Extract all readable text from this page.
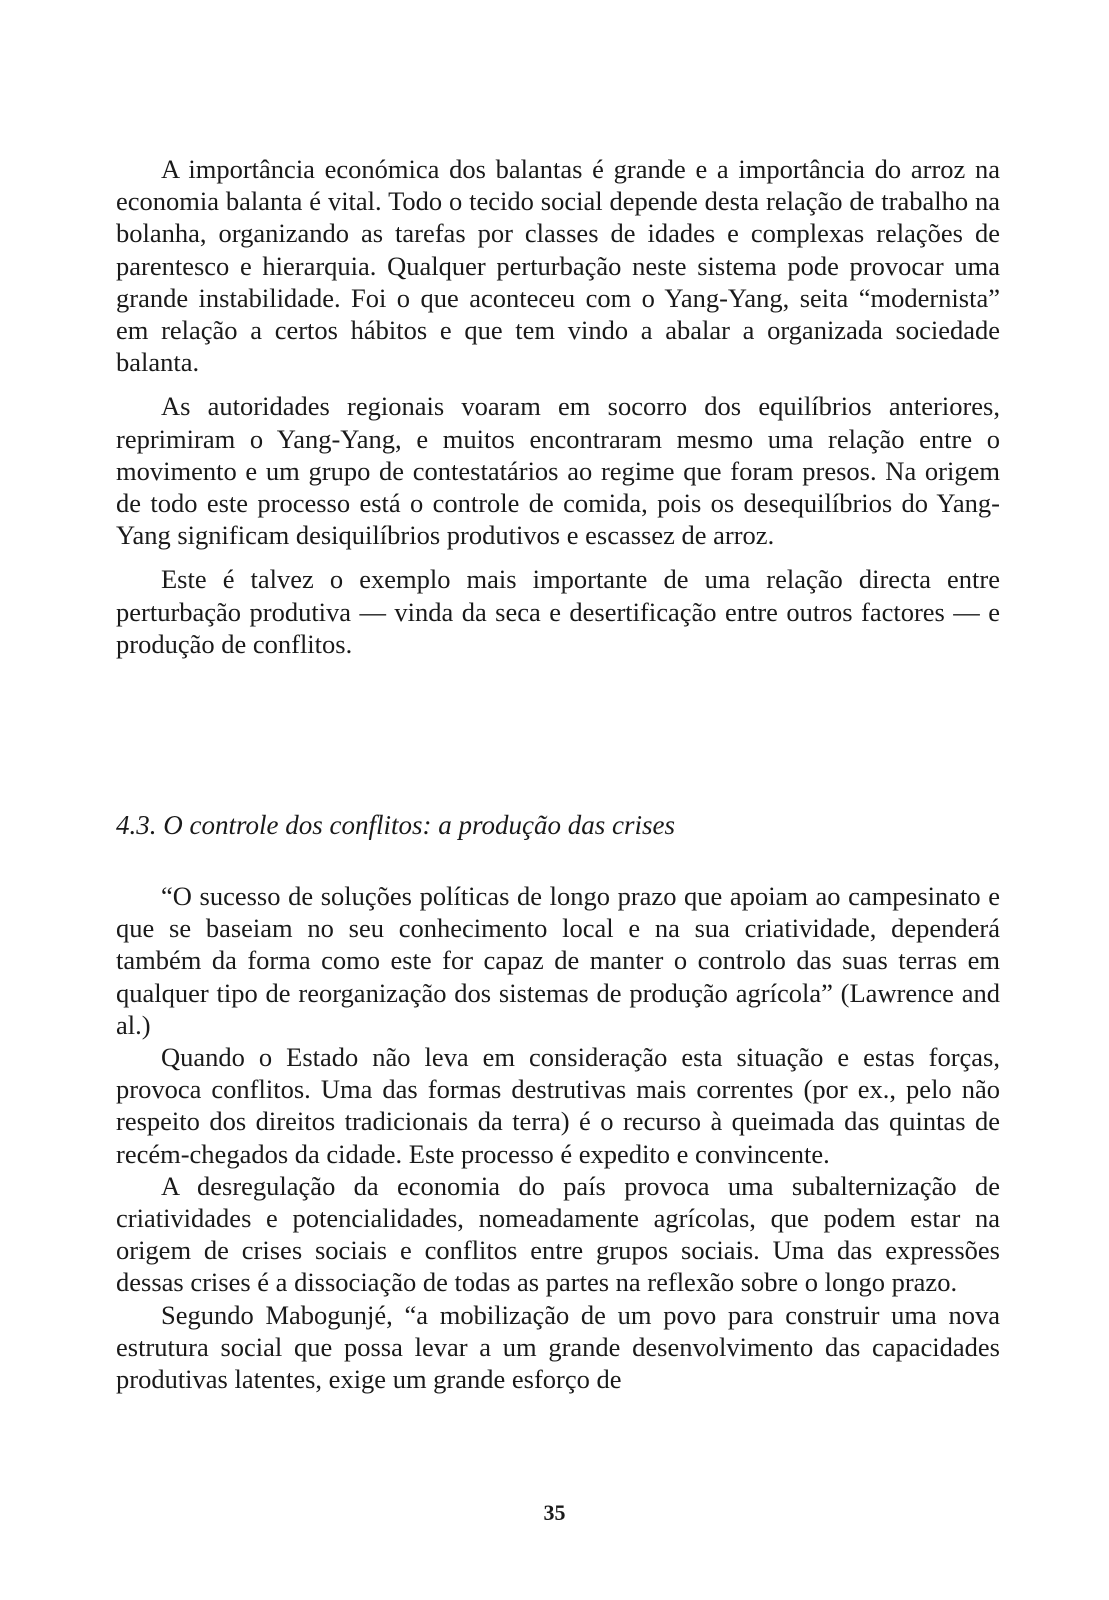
A importância económica dos balantas é grande e a importância do arroz na economia balanta é vital. Todo o tecido social depende desta relação de trabalho na bolanha, organizando as tarefas por classes de idades e complexas relações de parentesco e hierarquia. Qualquer perturbação neste sistema pode provocar uma grande instabilidade. Foi o que aconteceu com o Yang-Yang, seita “modernista” em relação a certos hábitos e que tem vindo a abalar a organizada sociedade balanta.

As autoridades regionais voaram em socorro dos equilíbrios anteriores, reprimiram o Yang-Yang, e muitos encontraram mesmo uma relação entre o movimento e um grupo de contestatários ao regime que foram presos. Na origem de todo este processo está o controle de comida, pois os desequilíbrios do Yang-Yang significam desiquilíbrios produtivos e escassez de arroz.

Este é talvez o exemplo mais importante de uma relação directa entre perturbação produtiva — vinda da seca e desertificação entre outros factores — e produção de conflitos.

4.3. O controle dos conflitos: a produção das crises

“O sucesso de soluções políticas de longo prazo que apoiam ao campesinato e que se baseiam no seu conhecimento local e na sua criatividade, dependerá também da forma como este for capaz de manter o controlo das suas terras em qualquer tipo de reorganização dos sistemas de produção agrícola” (Lawrence and al.)

Quando o Estado não leva em consideração esta situação e estas forças, provoca conflitos. Uma das formas destrutivas mais correntes (por ex., pelo não respeito dos direitos tradicionais da terra) é o recurso à queimada das quintas de recém-chegados da cidade. Este processo é expedito e convincente.

A desregulação da economia do país provoca uma subalternização de criatividades e potencialidades, nomeadamente agrícolas, que podem estar na origem de crises sociais e conflitos entre grupos sociais. Uma das expressões dessas crises é a dissociação de todas as partes na reflexão sobre o longo prazo.

Segundo Mabogunjé, “a mobilização de um povo para construir uma nova estrutura social que possa levar a um grande desenvolvimento das capacidades produtivas latentes, exige um grande esforço de

35
